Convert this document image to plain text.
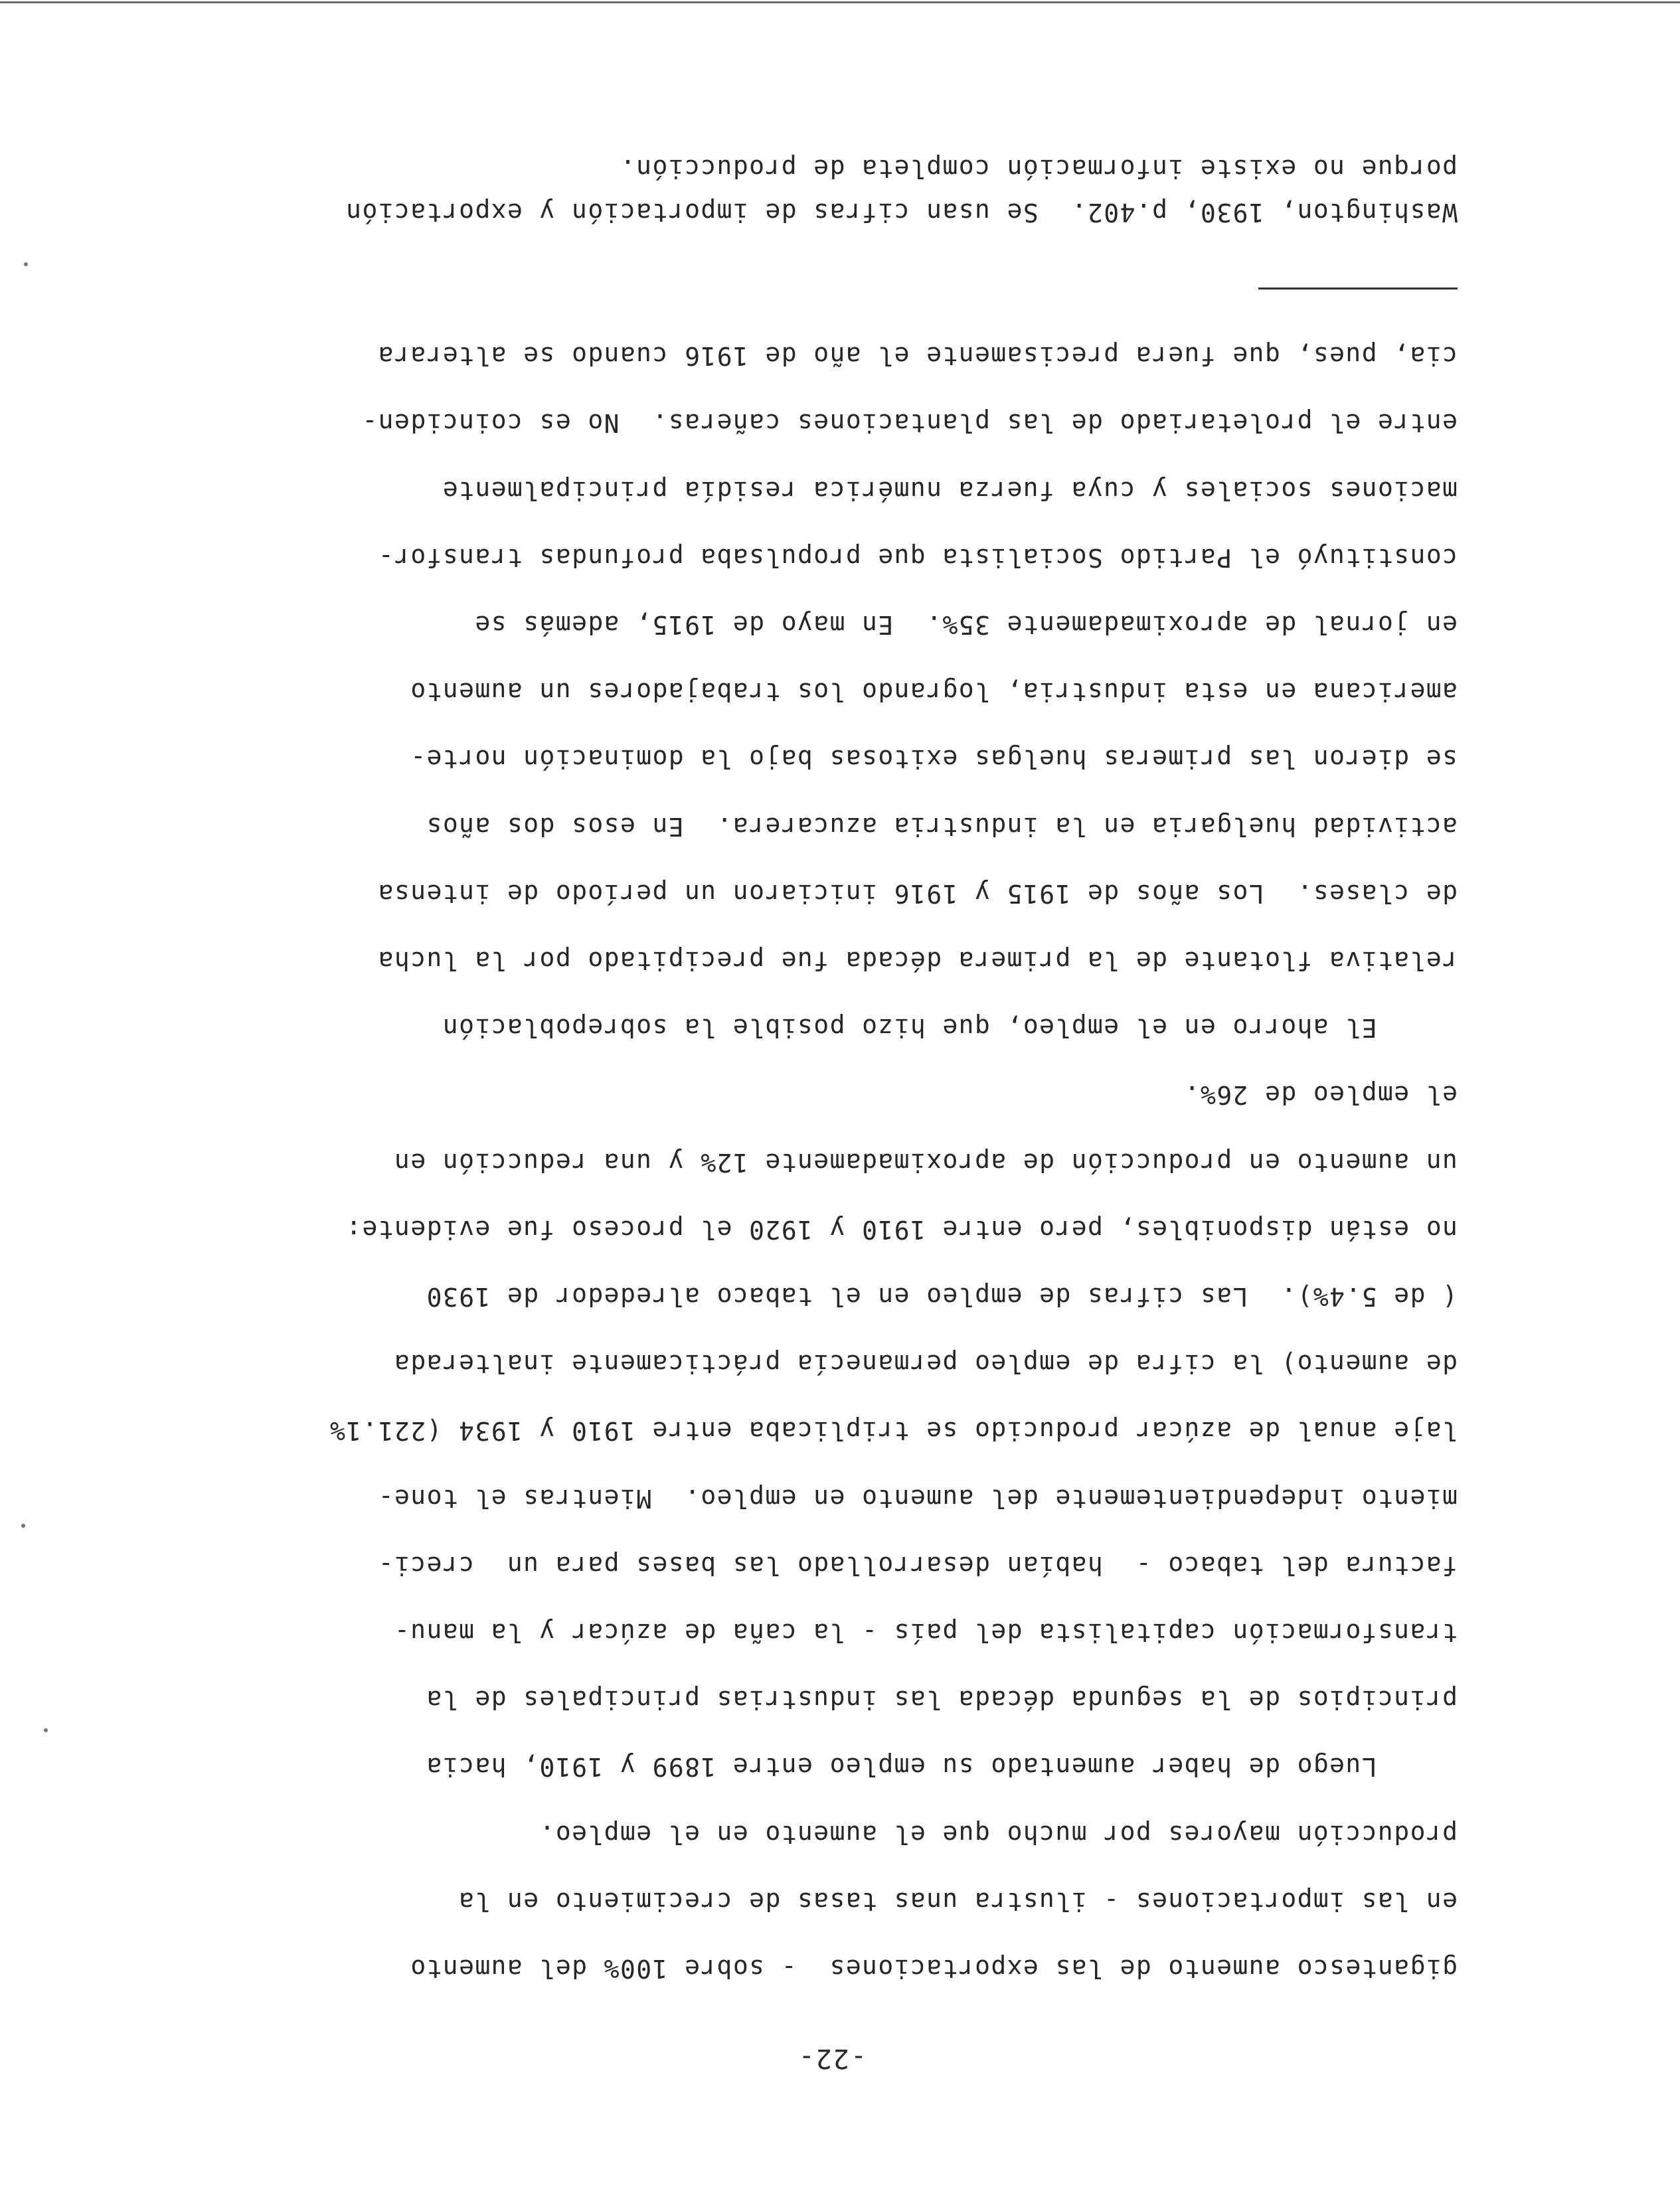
-22-
gigantesco aumento de las exportaciones  - sobre 100% del aumento
en las importaciones - ilustra unas tasas de crecimiento en la
producción mayores por mucho que el aumento en el empleo.
Luego de haber aumentado su empleo entre 1899 y 1910, hacia
principios de la segunda década las industrias principales de la
transformación capitalista del país - la caña de azúcar y la manu-
factura del tabaco -  habían desarrollado las bases para un  creci-
miento independientemente del aumento en empleo.  Mientras el tone-
laje anual de azúcar producido se triplicaba entre 1910 y 1934 (221.1%
de aumento) la cifra de empleo permanecía prácticamente inalterada
( de 5.4%).  Las cifras de empleo en el tabaco alrededor de 1930
no están disponibles, pero entre 1910 y 1920 el proceso fue evidente:
un aumento en producción de aproximadamente 12% y una reducción en
el empleo de 26%.
El ahorro en el empleo, que hizo posible la sobrepoblación
relativa flotante de la primera década fue precipitado por la lucha
de clases.  Los años de 1915 y 1916 iniciaron un período de intensa
actividad huelgaria en la industria azucarera.  En esos dos años
se dieron las primeras huelgas exitosas bajo la dominación norte-
americana en esta industria, logrando los trabajadores un aumento
en jornal de aproximadamente 35%.  En mayo de 1915, además se
constituyó el Partido Socialista que propulsaba profundas transfor-
maciones sociales y cuya fuerza numérica residía principalmente
entre el proletariado de las plantaciones cañeras.  No es coinciden-
cia, pues, que fuera precisamente el año de 1916 cuando se alterara
Washington, 1930, p.402.  Se usan cifras de importación y exportación
porque no existe información completa de producción.
